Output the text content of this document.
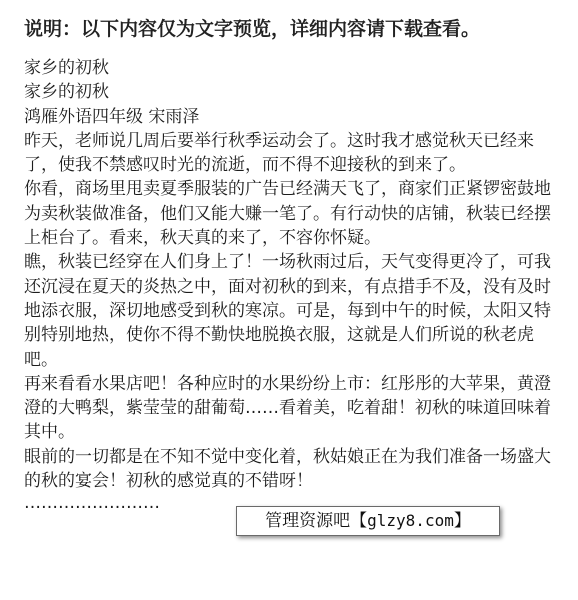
说明：以下内容仅为文字预览，详细内容请下载查看。

家乡的初秋

家乡的初秋

鸿雁外语四年级 宋雨泽

昨天，老师说几周后要举行秋季运动会了。这时我才感觉秋天已经来了，使我不禁感叹时光的流逝，而不得不迎接秋的到来了。

你看，商场里甩卖夏季服装的广告已经满天飞了，商家们正紧锣密鼓地为卖秋装做准备，他们又能大赚一笔了。有行动快的店铺，秋装已经摆上柜台了。看来，秋天真的来了，不容你怀疑。

瞧，秋装已经穿在人们身上了！一场秋雨过后，天气变得更冷了，可我还沉浸在夏天的炎热之中，面对初秋的到来，有点措手不及，没有及时地添衣服，深切地感受到秋的寒凉。可是，每到中午的时候，太阳又特别特别地热，使你不得不勤快地脱换衣服，这就是人们所说的秋老虎吧。

再来看看水果店吧！各种应时的水果纷纷上市：红彤彤的大苹果，黄澄澄的大鸭梨，紫莹莹的甜葡萄……看着美，吃着甜！初秋的味道回味着其中。

眼前的一切都是在不知不觉中变化着，秋姑娘正在为我们准备一场盛大的秋的宴会！初秋的感觉真的不错呀！

……………………

管理资源吧【glzy8.com】
